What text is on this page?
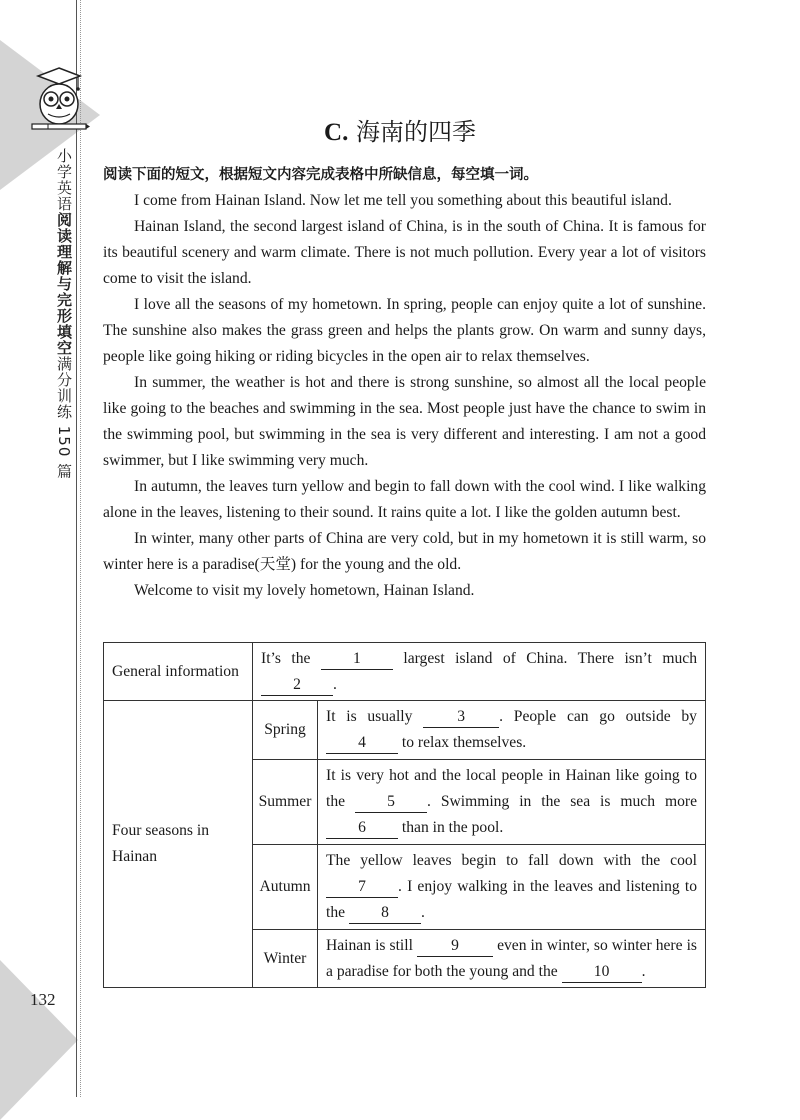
小学英语阅读理解与完形填空满分训练 150 篇
132
C. 海南的四季

阅读下面的短文，根据短文内容完成表格中所缺信息，每空填一词。

I come from Hainan Island. Now let me tell you something about this beautiful island.

Hainan Island, the second largest island of China, is in the south of China. It is famous for its beautiful scenery and warm climate. There is not much pollution. Every year a lot of visitors come to visit the island.

I love all the seasons of my hometown. In spring, people can enjoy quite a lot of sunshine. The sunshine also makes the grass green and helps the plants grow. On warm and sunny days, people like going hiking or riding bicycles in the open air to relax themselves.

In summer, the weather is hot and there is strong sunshine, so almost all the local people like going to the beaches and swimming in the sea. Most people just have the chance to swim in the swimming pool, but swimming in the sea is very different and interesting. I am not a good swimmer, but I like swimming very much.

In autumn, the leaves turn yellow and begin to fall down with the cool wind. I like walking alone in the leaves, listening to their sound. It rains quite a lot. I like the golden autumn best.

In winter, many other parts of China are very cold, but in my hometown it is still warm, so winter here is a paradise(天堂) for the young and the old.

Welcome to visit my lovely hometown, Hainan Island.

General information	It’s the 1 largest island of China. There isn’t much 2 .	
Four seasons in Hainan	Spring	It is usually 3 . People can go outside by 4 to relax themselves.
	Summer	It is very hot and the local people in Hainan like going to the 5 . Swimming in the sea is much more 6 than in the pool.
	Autumn	The yellow leaves begin to fall down with the cool 7 . I enjoy walking in the leaves and listening to the 8 .
	Winter	Hainan is still 9 even in winter, so winter here is a paradise for both the young and the 10 .
